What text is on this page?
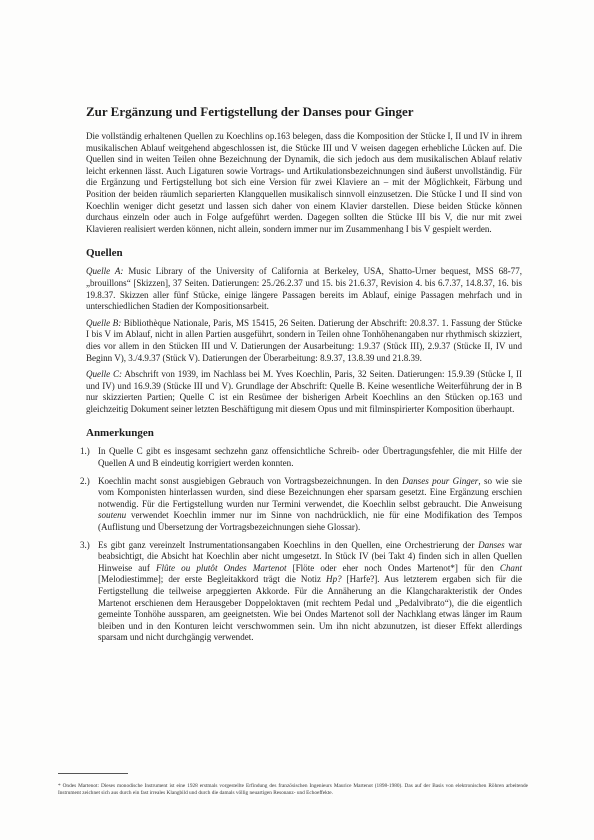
Zur Ergänzung und Fertigstellung der Danses pour Ginger

Die vollständig erhaltenen Quellen zu Koechlins op.163 belegen, dass die Komposition der Stücke I, II und IV in ihrem musikalischen Ablauf weitgehend abgeschlossen ist, die Stücke III und V weisen dagegen erhebliche Lücken auf. Die Quellen sind in weiten Teilen ohne Bezeichnung der Dynamik, die sich jedoch aus dem musikalischen Ablauf relativ leicht erkennen lässt. Auch Ligaturen sowie Vortrags- und Artikulationsbezeichnungen sind äußerst unvollständig. Für die Ergänzung und Fertigstellung bot sich eine Version für zwei Klaviere an – mit der Möglichkeit, Färbung und Position der beiden räumlich separierten Klangquellen musikalisch sinnvoll einzusetzen. Die Stücke I und II sind von Koechlin weniger dicht gesetzt und lassen sich daher von einem Klavier darstellen. Diese beiden Stücke können durchaus einzeln oder auch in Folge aufgeführt werden. Dagegen sollten die Stücke III bis V, die nur mit zwei Klavieren realisiert werden können, nicht allein, sondern immer nur im Zusammenhang I bis V gespielt werden.

Quellen

Quelle A: Music Library of the University of California at Berkeley, USA, Shatto-Urner bequest, MSS 68-77, „brouillons“ [Skizzen], 37 Seiten. Datierungen: 25./26.2.37 und 15. bis 21.6.37, Revision 4. bis 6.7.37, 14.8.37, 16. bis 19.8.37. Skizzen aller fünf Stücke, einige längere Passagen bereits im Ablauf, einige Passagen mehrfach und in unterschiedlichen Stadien der Kompositionsarbeit.

Quelle B: Bibliothèque Nationale, Paris, MS 15415, 26 Seiten. Datierung der Abschrift: 20.8.37. 1. Fassung der Stücke I bis V im Ablauf, nicht in allen Partien ausgeführt, sondern in Teilen ohne Tonhöhenangaben nur rhythmisch skizziert, dies vor allem in den Stücken III und V. Datierungen der Ausarbeitung: 1.9.37 (Stück III), 2.9.37 (Stücke II, IV und Beginn V), 3./4.9.37 (Stück V). Datierungen der Überarbeitung: 8.9.37, 13.8.39 und 21.8.39.

Quelle C: Abschrift von 1939, im Nachlass bei M. Yves Koechlin, Paris, 32 Seiten. Datierungen: 15.9.39 (Stücke I, II und IV) und 16.9.39 (Stücke III und V). Grundlage der Abschrift: Quelle B. Keine wesentliche Weiterführung der in B nur skizzierten Partien; Quelle C ist ein Resümee der bisherigen Arbeit Koechlins an den Stücken op.163 und gleichzeitig Dokument seiner letzten Beschäftigung mit diesem Opus und mit filminspirierter Komposition überhaupt.

Anmerkungen
1.) In Quelle C gibt es insgesamt sechzehn ganz offensichtliche Schreib- oder Übertragungsfehler, die mit Hilfe der Quellen A und B eindeutig korrigiert werden konnten.
2.) Koechlin macht sonst ausgiebigen Gebrauch von Vortragsbezeichnungen. In den Danses pour Ginger, so wie sie vom Komponisten hinterlassen wurden, sind diese Bezeichnungen eher sparsam gesetzt. Eine Ergänzung erschien notwendig. Für die Fertigstellung wurden nur Termini verwendet, die Koechlin selbst gebraucht. Die Anweisung soutenu verwendet Koechlin immer nur im Sinne von nachdrücklich, nie für eine Modifikation des Tempos (Auflistung und Übersetzung der Vortragsbezeichnungen siehe Glossar).
3.) Es gibt ganz vereinzelt Instrumentationsangaben Koechlins in den Quellen, eine Orchestrierung der Danses war beabsichtigt, die Absicht hat Koechlin aber nicht umgesetzt. In Stück IV (bei Takt 4) finden sich in allen Quellen Hinweise auf Flûte ou plutôt Ondes Martenot [Flöte oder eher noch Ondes Martenot*] für den Chant [Melodiestimme]; der erste Begleitakkord trägt die Notiz Hp? [Harfe?]. Aus letzterem ergaben sich für die Fertigstellung die teilweise arpeggierten Akkorde. Für die Annäherung an die Klangcharakteristik der Ondes Martenot erschienen dem Herausgeber Doppeloktaven (mit rechtem Pedal und „Pedalvibrato“), die die eigentlich gemeinte Tonhöhe aussparen, am geeignetsten. Wie bei Ondes Martenot soll der Nachklang etwas länger im Raum bleiben und in den Konturen leicht verschwommen sein. Um ihn nicht abzunutzen, ist dieser Effekt allerdings sparsam und nicht durchgängig verwendet.

* Ondes Martenot: Dieses monodische Instrument ist eine 1928 erstmals vorgestellte Erfindung des französischen Ingenieurs Maurice Martenot (1898-1980). Das auf der Basis von elektronischen Röhren arbeitende Instrument zeichnet sich aus durch ein fast irreales Klangbild und durch die damals völlig neuartigen Resonanz- und Echoeffekte.
